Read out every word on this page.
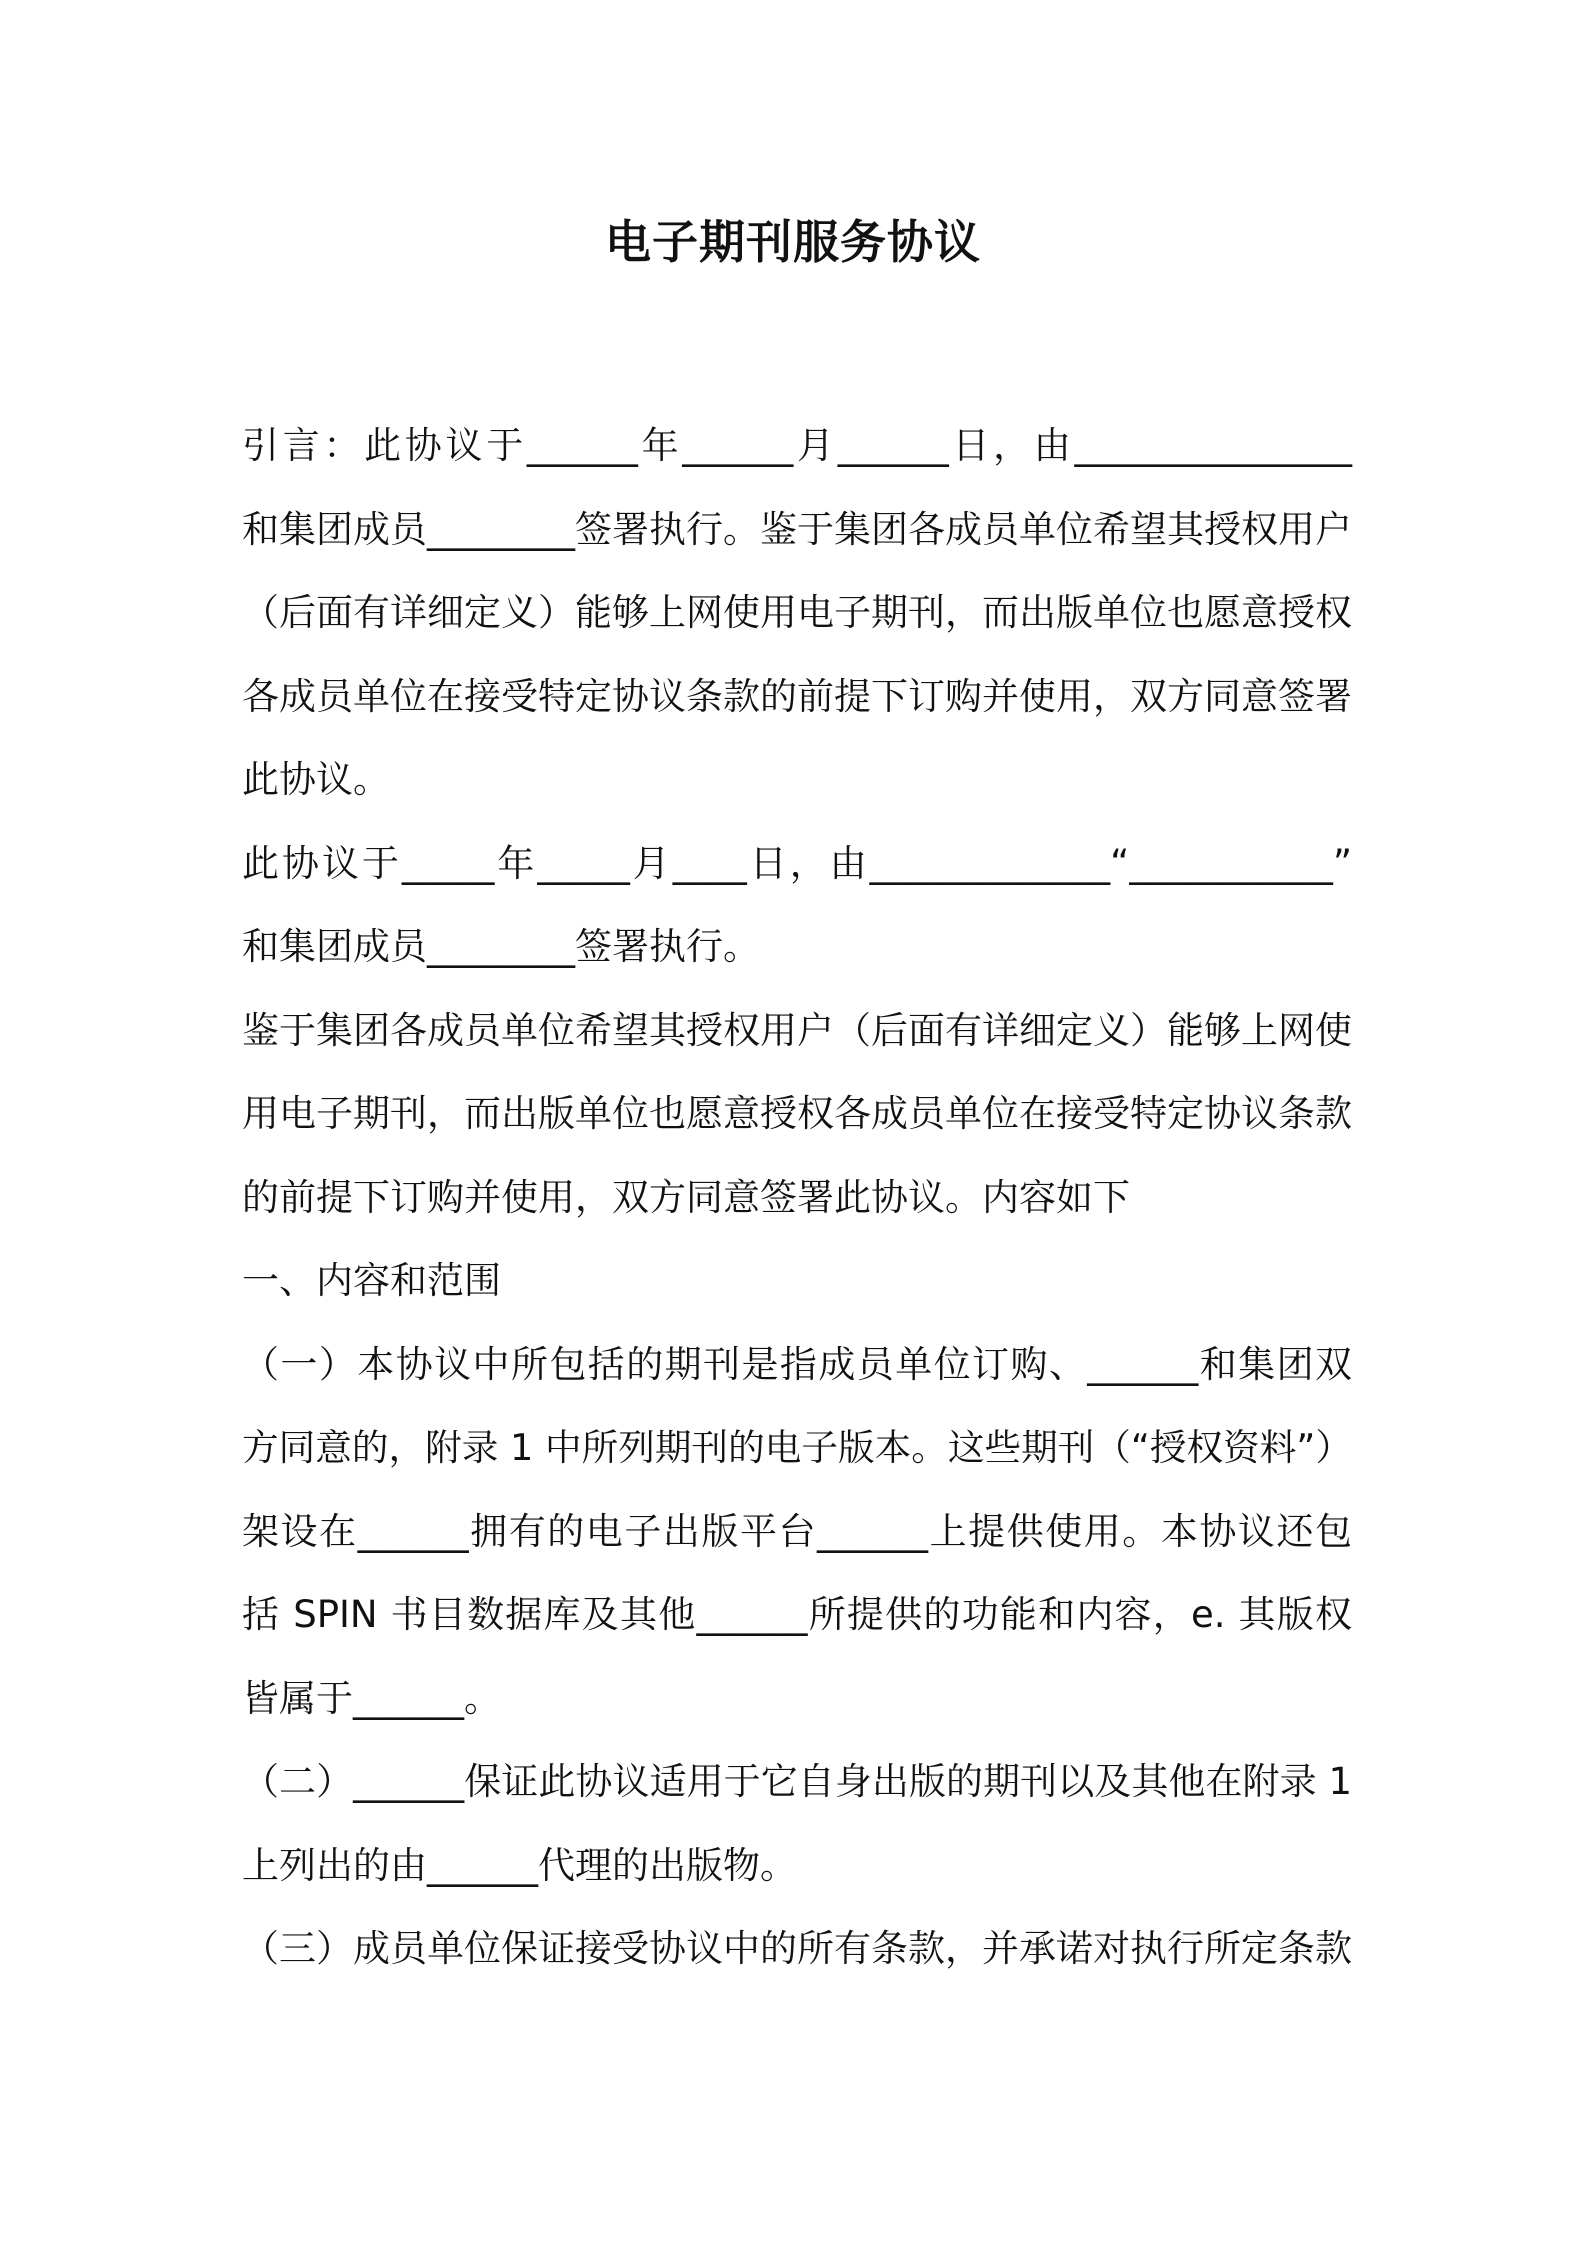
电子期刊服务协议
引言：此协议于______年______月______日，由_______________
和集团成员________签署执行。鉴于集团各成员单位希望其授权用户
（后面有详细定义）能够上网使用电子期刊，而出版单位也愿意授权
各成员单位在接受特定协议条款的前提下订购并使用，双方同意签署
此协议。
此协议于_____年_____月____日，由_____________“___________”
和集团成员________签署执行。
鉴于集团各成员单位希望其授权用户（后面有详细定义）能够上网使
用电子期刊，而出版单位也愿意授权各成员单位在接受特定协议条款
的前提下订购并使用，双方同意签署此协议。内容如下
一、内容和范围
（一）本协议中所包括的期刊是指成员单位订购、______和集团双
方同意的，附录 1 中所列期刊的电子版本。这些期刊（“授权资料”）
架设在______拥有的电子出版平台______上提供使用。本协议还包
括 SPIN 书目数据库及其他______所提供的功能和内容，e. 其版权
皆属于______。
（二）______保证此协议适用于它自身出版的期刊以及其他在附录 1
上列出的由______代理的出版物。
（三）成员单位保证接受协议中的所有条款，并承诺对执行所定条款
